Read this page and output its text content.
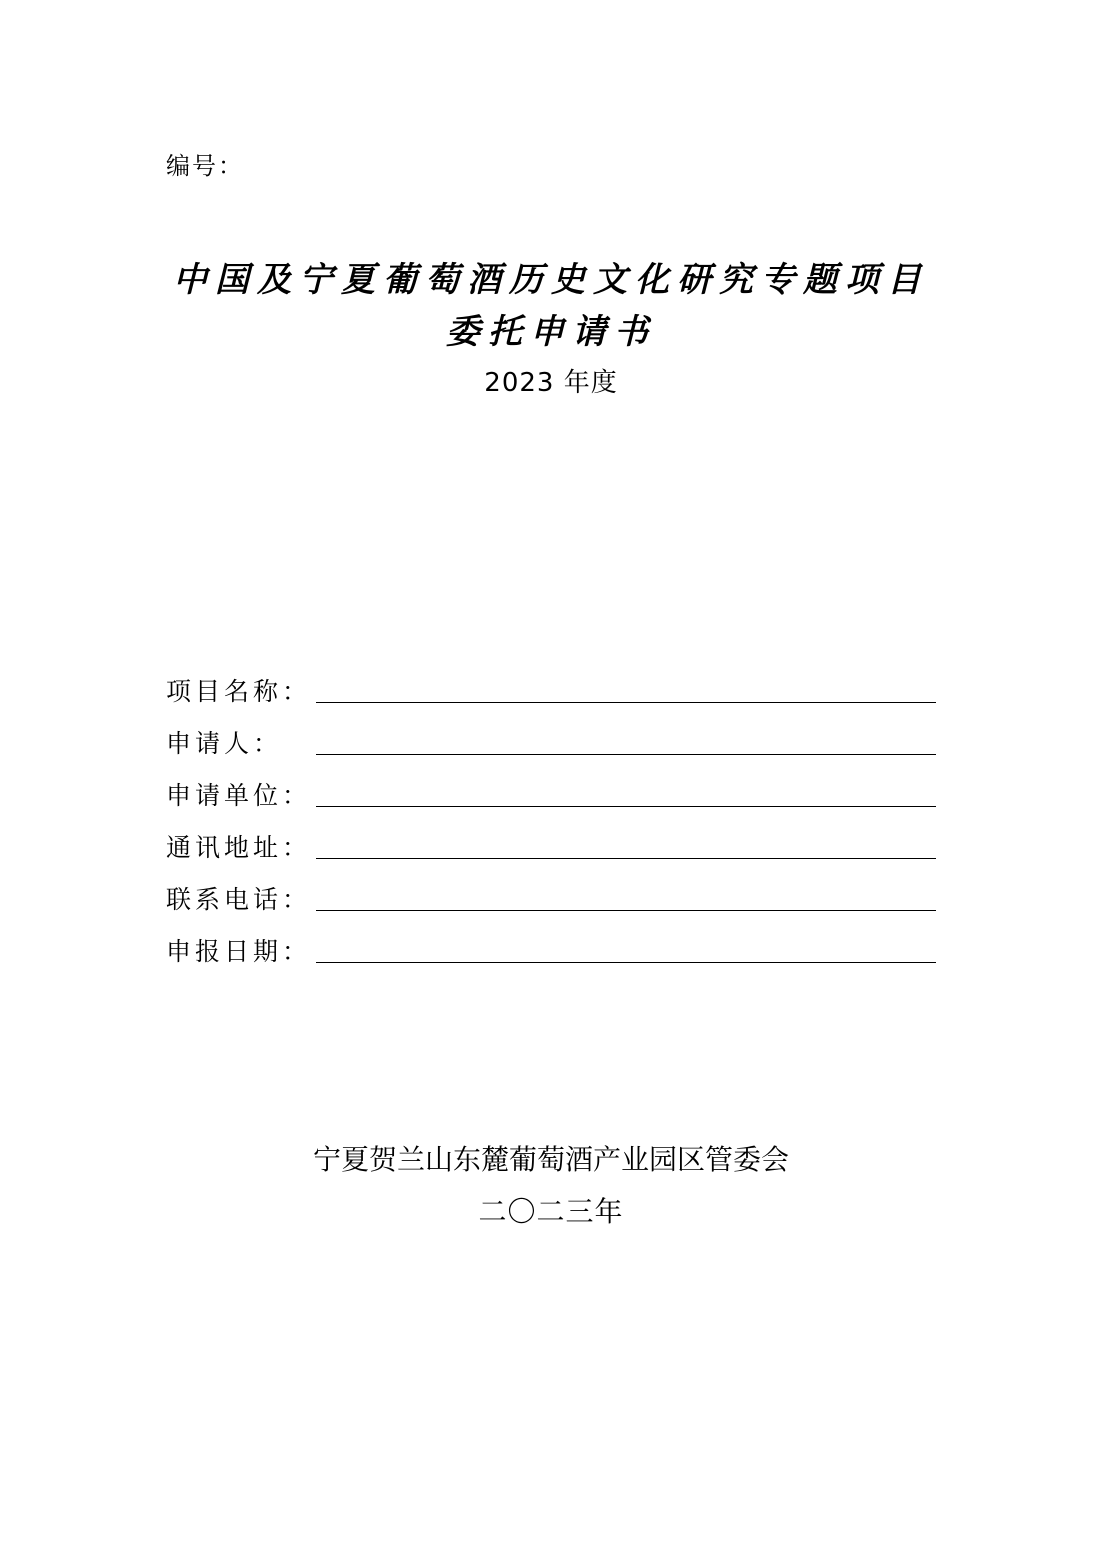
编号：
中国及宁夏葡萄酒历史文化研究专题项目
委托申请书
2023 年度
项目名称：
申请人：
申请单位：
通讯地址：
联系电话：
申报日期：
宁夏贺兰山东麓葡萄酒产业园区管委会
二〇二三年
